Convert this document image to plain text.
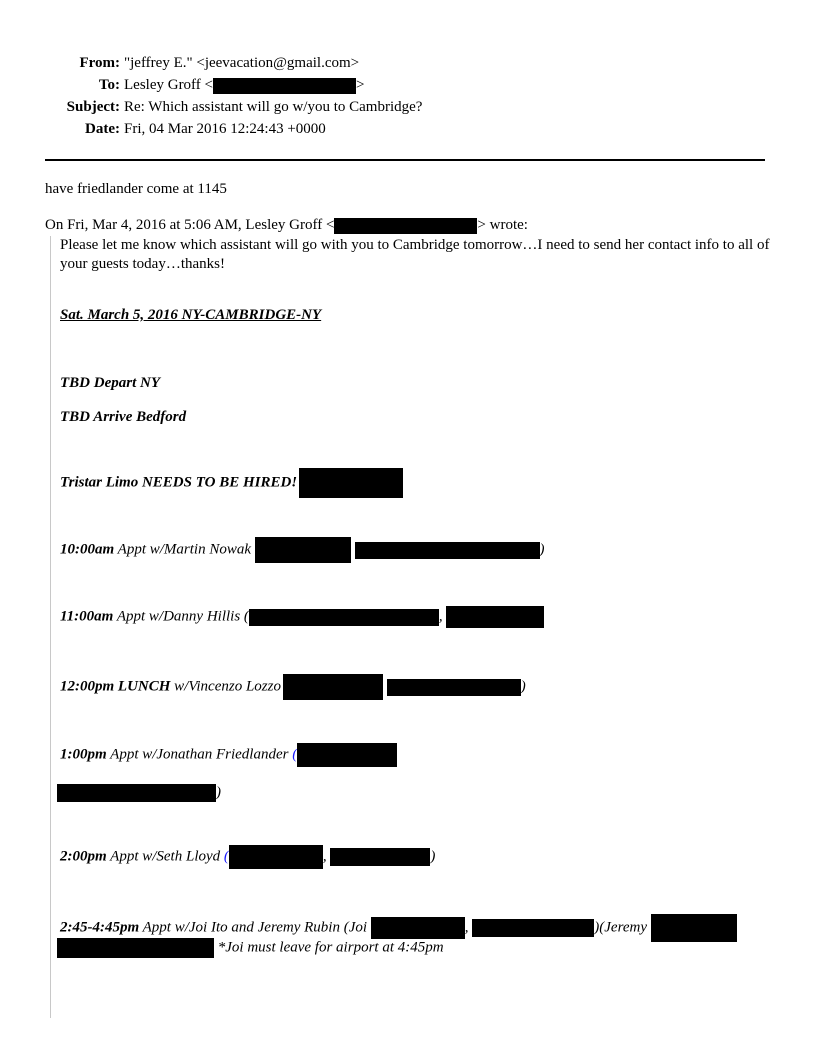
From: "jeffrey E." <jeevacation@gmail.com>
To: Lesley Groff <	>
Subject: Re: Which assistant will go w/you to Cambridge?
Date: Fri, 04 Mar 2016 12:24:43 +0000
have friedlander come at 1145
On Fri, Mar 4, 2016 at 5:06 AM, Lesley Groff <	> wrote:
Please let me know which assistant will go with you to Cambridge tomorrow…I need to send her contact info to all of your guests today…thanks!
Sat. March 5, 2016 NY-CAMBRIDGE-NY
TBD Depart NY
TBD Arrive Bedford
Tristar Limo NEEDS TO BE HIRED!
10:00am Appt w/Martin Nowak	)
11:00am Appt w/Danny Hillis (	,
12:00pm LUNCH w/Vincenzo Lozzo	)
1:00pm Appt w/Jonathan Friedlander (
)
2:00pm Appt w/Seth Lloyd (	,	)
2:45-4:45pm Appt w/Joi Ito and Jeremy Rubin (Joi	,	)(Jeremy
*Joi must leave for airport at 4:45pm
